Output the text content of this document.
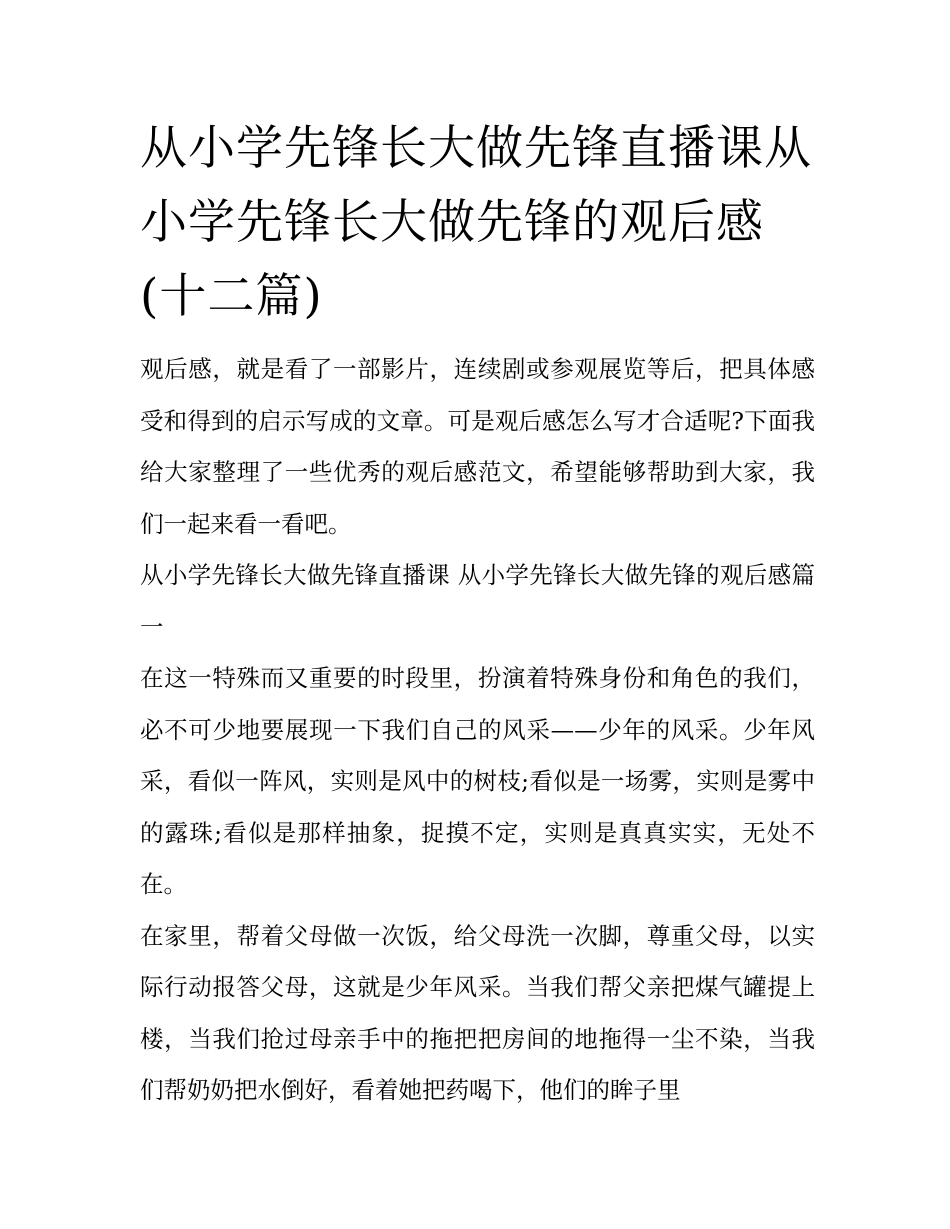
从小学先锋长大做先锋直播课从小学先锋长大做先锋的观后感(十二篇)

观后感，就是看了一部影片，连续剧或参观展览等后，把具体感受和得到的启示写成的文章。可是观后感怎么写才合适呢?下面我给大家整理了一些优秀的观后感范文，希望能够帮助到大家，我们一起来看一看吧。

从小学先锋长大做先锋直播课 从小学先锋长大做先锋的观后感篇一

在这一特殊而又重要的时段里，扮演着特殊身份和角色的我们，必不可少地要展现一下我们自己的风采——少年的风采。少年风采，看似一阵风，实则是风中的树枝;看似是一场雾，实则是雾中的露珠;看似是那样抽象，捉摸不定，实则是真真实实，无处不在。

在家里，帮着父母做一次饭，给父母洗一次脚，尊重父母，以实际行动报答父母，这就是少年风采。当我们帮父亲把煤气罐提上楼，当我们抢过母亲手中的拖把把房间的地拖得一尘不染，当我们帮奶奶把水倒好，看着她把药喝下，他们的眸子里
